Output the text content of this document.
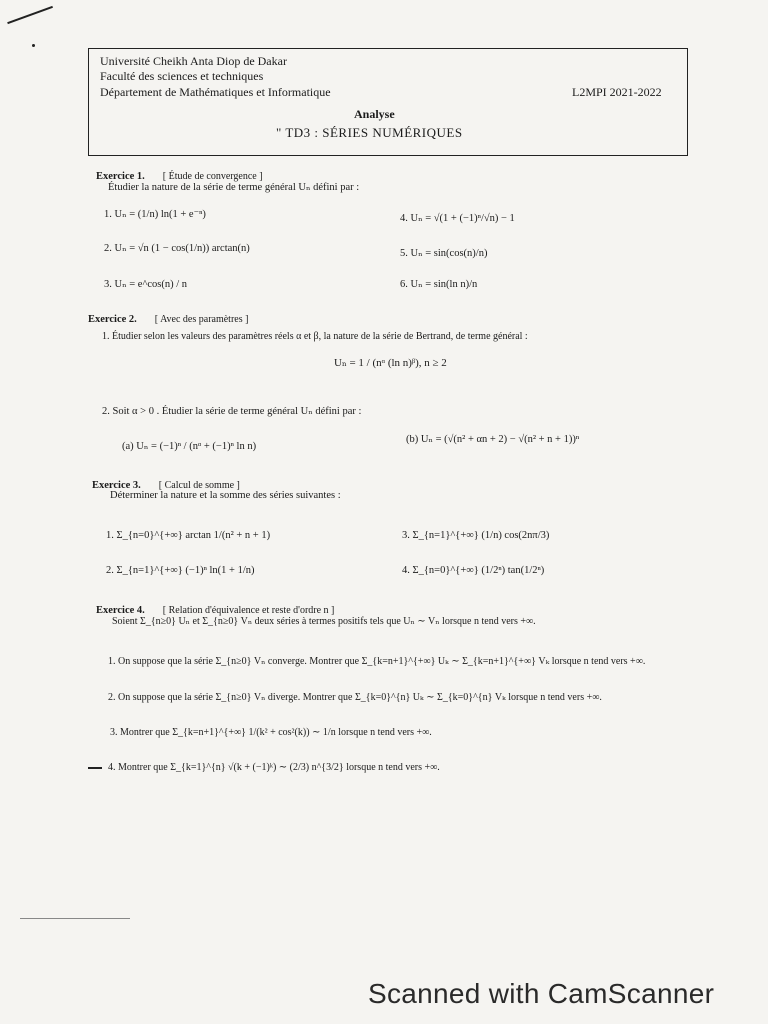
Université Cheikh Anta Diop de Dakar
Faculté des sciences et techniques
Département de Mathématiques et Informatique	L2MPI 2021-2022
Analyse
" TD3 : SÉRIES NUMÉRIQUES
Exercice 1. [ Étude de convergence ]
Étudier la nature de la série de terme général Uₙ défini par :
1. Uₙ = (1/n) ln(1 + e⁻ⁿ)
2. Uₙ = √n (1 − cos(1/n)) arctan(n)
3. Uₙ = e^cos(n) / n
4. Uₙ = √(1 + (−1)ⁿ/√n) − 1
5. Uₙ = sin(cos(n)/n)
6. Uₙ = sin(ln n)/n
Exercice 2. [ Avec des paramètres ]
1. Étudier selon les valeurs des paramètres réels α et β, la nature de la série de Bertrand, de terme général :
Uₙ = 1 / (nᵅ (ln n)ᵝ), n ≥ 2
2. Soit α > 0 . Étudier la série de terme général Uₙ défini par :
(a) Uₙ = (−1)ⁿ / (nᵅ + (−1)ⁿ ln n)
(b) Uₙ = (√(n² + αn + 2) − √(n² + n + 1))ⁿ
Exercice 3. [ Calcul de somme ]
Déterminer la nature et la somme des séries suivantes :
1. Σ_{n=0}^{+∞} arctan 1/(n² + n + 1)
2. Σ_{n=1}^{+∞} (−1)ⁿ ln(1 + 1/n)
3. Σ_{n=1}^{+∞} (1/n) cos(2nπ/3)
4. Σ_{n=0}^{+∞} (1/2ⁿ) tan(1/2ⁿ)
Exercice 4. [ Relation d'équivalence et reste d'ordre n ]
Soient Σ_{n≥0} Uₙ et Σ_{n≥0} Vₙ deux séries à termes positifs tels que Uₙ ∼ Vₙ lorsque n tend vers +∞.
1. On suppose que la série Σ_{n≥0} Vₙ converge. Montrer que Σ_{k=n+1}^{+∞} Uₖ ∼ Σ_{k=n+1}^{+∞} Vₖ lorsque n tend vers +∞.
2. On suppose que la série Σ_{n≥0} Vₙ diverge. Montrer que Σ_{k=0}^{n} Uₖ ∼ Σ_{k=0}^{n} Vₖ lorsque n tend vers +∞.
3. Montrer que Σ_{k=n+1}^{+∞} 1/(k² + cos²(k)) ∼ 1/n lorsque n tend vers +∞.
4. Montrer que Σ_{k=1}^{n} √(k + (−1)ᵏ) ∼ (2/3) n^{3/2} lorsque n tend vers +∞.
Scanned with CamScanner
